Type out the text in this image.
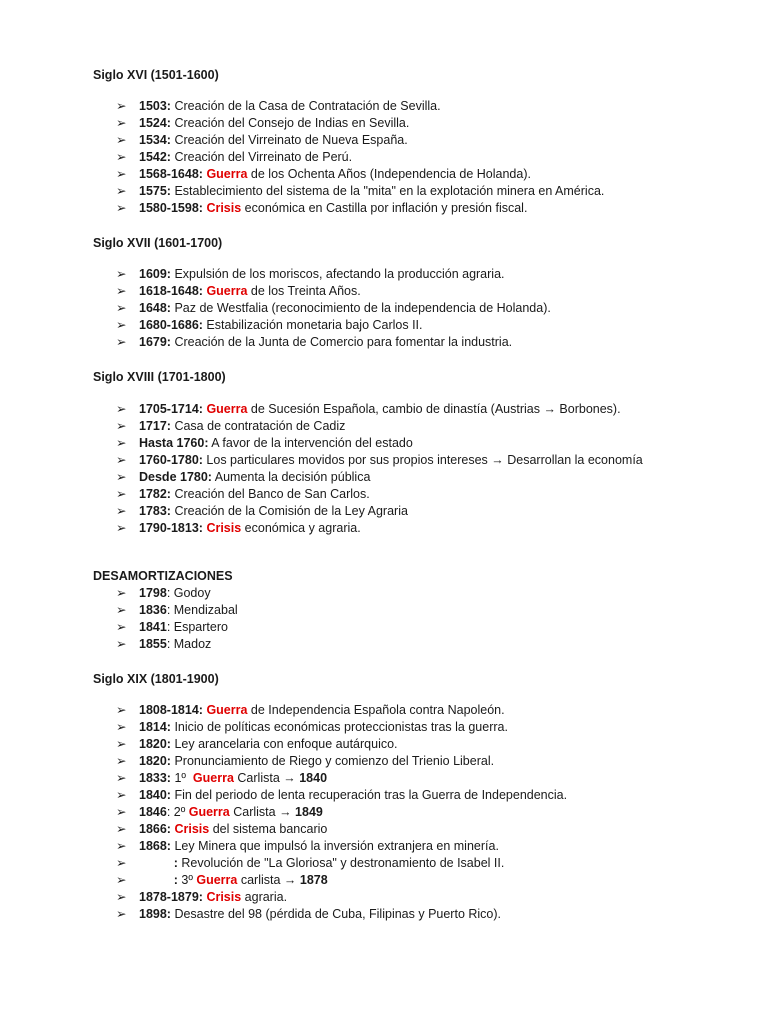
Siglo XVI (1501-1600)
➢	1503: Creación de la Casa de Contratación de Sevilla.
➢	1524: Creación del Consejo de Indias en Sevilla.
➢	1534: Creación del Virreinato de Nueva España.
➢	1542: Creación del Virreinato de Perú.
➢	1568-1648: Guerra de los Ochenta Años (Independencia de Holanda).
➢	1575: Establecimiento del sistema de la "mita" en la explotación minera en América.
➢	1580-1598: Crisis económica en Castilla por inflación y presión fiscal.
Siglo XVII (1601-1700)
➢	1609: Expulsión de los moriscos, afectando la producción agraria.
➢	1618-1648: Guerra de los Treinta Años.
➢	1648: Paz de Westfalia (reconocimiento de la independencia de Holanda).
➢	1680-1686: Estabilización monetaria bajo Carlos II.
➢	1679: Creación de la Junta de Comercio para fomentar la industria.
Siglo XVIII (1701-1800)
➢	1705-1714: Guerra de Sucesión Española, cambio de dinastía (Austrias → Borbones).
➢	1717: Casa de contratación de Cadiz
➢	Hasta 1760: A favor de la intervención del estado
➢	1760-1780: Los particulares movidos por sus propios intereses → Desarrollan la economía
➢	Desde 1780: Aumenta la decisión pública
➢	1782: Creación del Banco de San Carlos.
➢	1783: Creación de la Comisión de la Ley Agraria
➢	1790-1813: Crisis económica y agraria.
DESAMORTIZACIONES
➢	1798: Godoy
➢	1836: Mendizabal
➢	1841: Espartero
➢	1855: Madoz
Siglo XIX (1801-1900)
➢	1808-1814: Guerra de Independencia Española contra Napoleón.
➢	1814: Inicio de políticas económicas proteccionistas tras la guerra.
➢	1820: Ley arancelaria con enfoque autárquico.
➢	1820: Pronunciamiento de Riego y comienzo del Trienio Liberal.
➢	1833: 1º  Guerra Carlista → 1840
➢	1840: Fin del periodo de lenta recuperación tras la Guerra de Independencia.
➢	1846: 2º Guerra Carlista → 1849
➢	1866: Crisis del sistema bancario
➢	1868: Ley Minera que impulsó la inversión extranjera en minería.
➢	: Revolución de "La Gloriosa" y destronamiento de Isabel II.
➢	: 3º Guerra carlista → 1878
➢	1878-1879: Crisis agraria.
➢	1898: Desastre del 98 (pérdida de Cuba, Filipinas y Puerto Rico).
